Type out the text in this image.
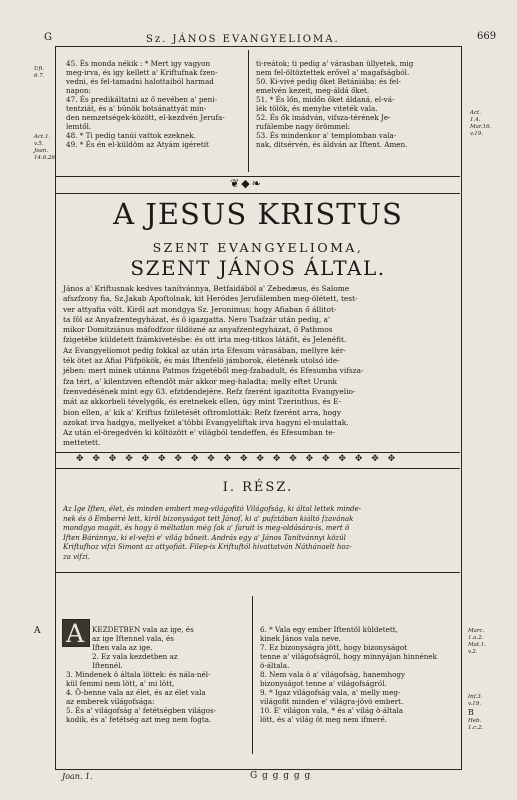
G	Sz. JÁNOS EVANGYELIOMA.	669
Ufi.
6.7.
Act.1.
v.5.
Joan.
14.6.26.
Act.
1.4.
Mar.16.
v.19.

45. És monda nékik : * Mert igy vagyon

meg-irva, és igy kellett a' Kriftufnak fzen-

vedni, és fel-tamadni halottaiból harmad

napon:

47. És predikáltatni az ő nevében a' peni-

tentziát, és a' bûnök botsánattyát min-

den nemzetségek-között, el-kezdvén Jerufa-

lemtől.

48. * Ti pedig tanúi vattok ezeknek.

49. * És én el-küldöm az Atyám igéretit

ti-reátok; ti pedig a' várasban üllyetek, mig

nem fel-öltöztettek erővel a' magafságból.

50. Ki-vivé pedig őket Betániába: és fel-

emelvén kezeit, meg-áldá őket.

51. * És lőn, midőn őket áldaná, el-vá-

lék tölök, és menybe viteték vala.

52. És ők imádván, vifsza-térének Je-

rufálembe nagy örömmel:

53. És mindenkor a' templomban vala-

nak, ditsérvén, és áldván az Iftent. Amen.

❦◆❧
A JESUS KRISTUS
SZENT EVANGYELIOMA,
SZENT JÁNOS ÁLTAL.

János a' Kriftusnak kedves tanítvánnya, Betfaidából a' Zebedæus, és Salome

afszfzony fia, Sz.Jakab Apoftolnak, kit Heródes Jerufálemben meg-ölétett, test-

ver attyafia vólt. Kiről azt mondgya Sz. Jeronimus; hogy Afiaban ő állitot-

ta fôl az Anyafzentegyházat, és ő igazgatta. Nero Tsafzár után pedig, a'

mikor Domitziánus máfodfzor üldözné az anyafzentegyházat, ő Pathmos

fzigetébe küldetett fzámkivetésbe: és ott irta meg-titkos látáfit, és Jelenéfit.

Az Evangyeliomot pedig fokkal az után irta Efesum várasában, mellyre kér-

ték ötet az Afiai Püfpökök, és más Iftenfelö jámborok, életének utolsó ide-

jében: mert minek utánna Patmos fzigetéből meg-fzabadult, és Efesumba vifsza-

fza tért, a' kilentzven eftendőt már akkor meg-haladta; melly eftet Urunk

fzenvedésének mint egy 63. efztdendejére. Refz fzerént igazitotta Evangyelio-

mát az akkorbeli tévelygők, és eretnekek ellen, úgy mint Tzerinthus, és E-

bion ellen, a' kik a' Kriftus fzületését oftromlották: Refz fzerént arra, hogy

azokat irva hadgya, mellyeket a'többi Evangyeliftak irva hagyni el-mulattak.

Az után el-öregedvén ki költözött e' világból tendeffen, és Efesumban te-

mettetett.

✥ ✥ ✥ ✥ ✥ ✥ ✥ ✥ ✥ ✥ ✥ ✥ ✥ ✥ ✥ ✥ ✥ ✥ ✥ ✥
I. RÉSZ.

Az Ige Iften, élet, és minden embert meg-világofitó Világofság, ki által lettek minde-

nek és ö Emberré lett, kiröl bizonyságot tett Jánoſ, ki a' pufztában kiáltó ſzavának

mondgya magát, és hogy ö méltatlan még ſak a' ſaruit is meg-oldására-is, mert ö

Iften Báránnya, ki el-vefzi e' világ bűneit. András egy a' János Tanítvánnyi közül

Kriftufhoz vifzi Simont az attyofiát. Filep-is Kriftuftól hivattatván Náthánaelt hoz-

za vifzi.

A A KEZDETBEN vala az ige, és

az ige Iftennel vala, és

Iften vala az ige.

2. Ez vala kezdetben az

Iftennél.

3. Mindenek ö általa löttek: és nála-nél-

kül femmi nem lött, a' mi lött,

4. Ö-benne vala az élet, és az élet vala

az emberek világofsága:

5. És a' világofság a' fetétségben világos-

kodik, és a' fetétség azt meg nem fogta.

6. * Vala egy ember Iftentöl küldetett,

kinek János vala neve.

7. Ez bizonyságra jött, hogy bizonyságot

tenne a' világofságról, hogy minnyájan hinnének

ö-általa.

8. Nem vala ö a' világofság, hanemhogy

bizonyságot tenne a' világofságról.

9. * Igaz világofság vala, a' melly meg-

világofit minden e' világra-jövö embert.

10. E' világon vala, * és a' világ ö-általa

lött, és a' világ öt meg nem ifmeré.

Marc.
1.a.2.
Mat.1.
v.2.
Inf.3.
v.19.
B
Heb.
1.c.2.
Joan. 1.	G g g g g g
